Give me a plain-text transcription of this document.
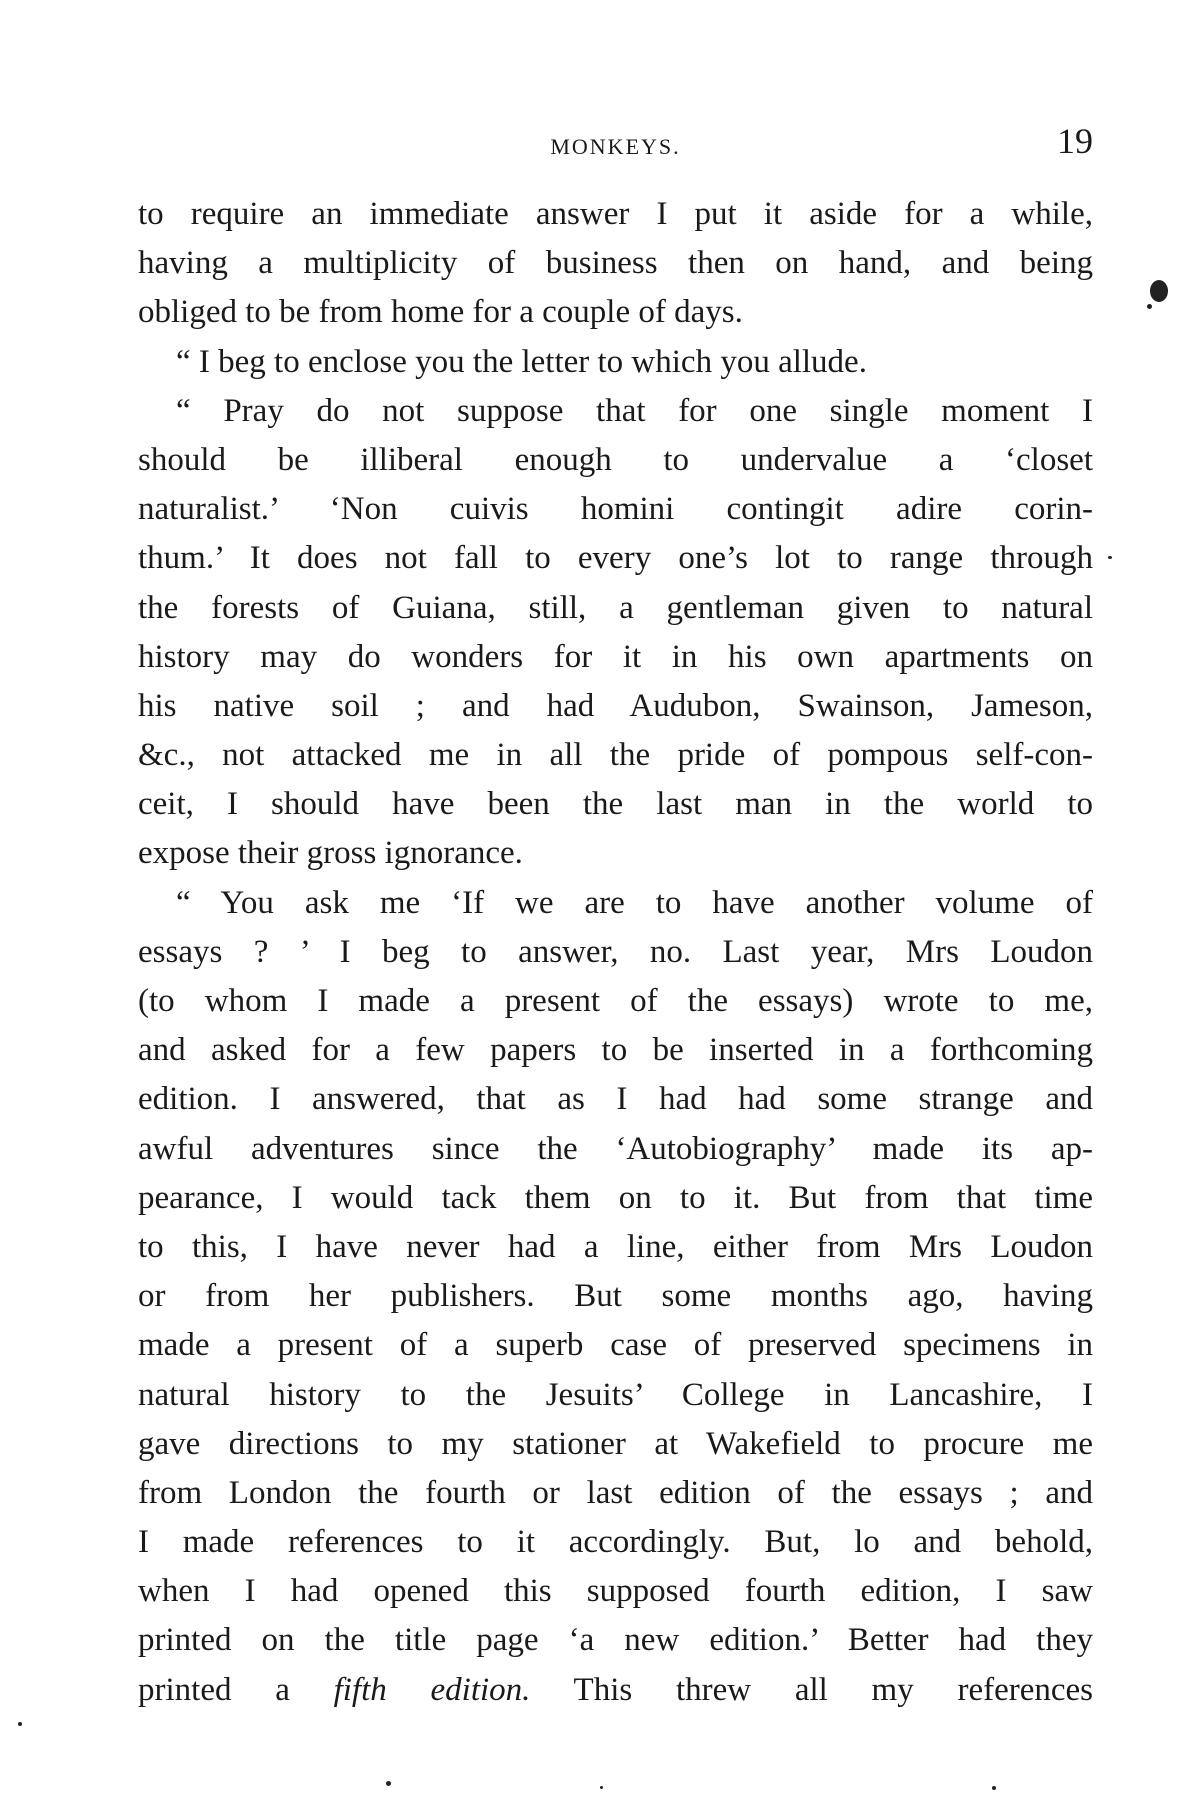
MONKEYS.	19
to require an immediate answer I put it aside for a while,
having a multiplicity of business then on hand, and being
obliged to be from home for a couple of days.
“ I beg to enclose you the letter to which you allude.
“ Pray do not suppose that for one single moment I
should be illiberal enough to undervalue a ‘closet
naturalist.’ ‘Non cuivis homini contingit adire corin-
thum.’ It does not fall to every one’s lot to range through
the forests of Guiana, still, a gentleman given to natural
history may do wonders for it in his own apartments on
his native soil ; and had Audubon, Swainson, Jameson,
&c., not attacked me in all the pride of pompous self-con-
ceit, I should have been the last man in the world to
expose their gross ignorance.
“ You ask me ‘If we are to have another volume of
essays ? ’ I beg to answer, no. Last year, Mrs Loudon
(to whom I made a present of the essays) wrote to me,
and asked for a few papers to be inserted in a forthcoming
edition. I answered, that as I had had some strange and
awful adventures since the ‘Autobiography’ made its ap-
pearance, I would tack them on to it. But from that time
to this, I have never had a line, either from Mrs Loudon
or from her publishers. But some months ago, having
made a present of a superb case of preserved specimens in
natural history to the Jesuits’ College in Lancashire, I
gave directions to my stationer at Wakefield to procure me
from London the fourth or last edition of the essays ; and
I made references to it accordingly. But, lo and behold,
when I had opened this supposed fourth edition, I saw
printed on the title page ‘a new edition.’ Better had they
printed a fifth edition. This threw all my references
